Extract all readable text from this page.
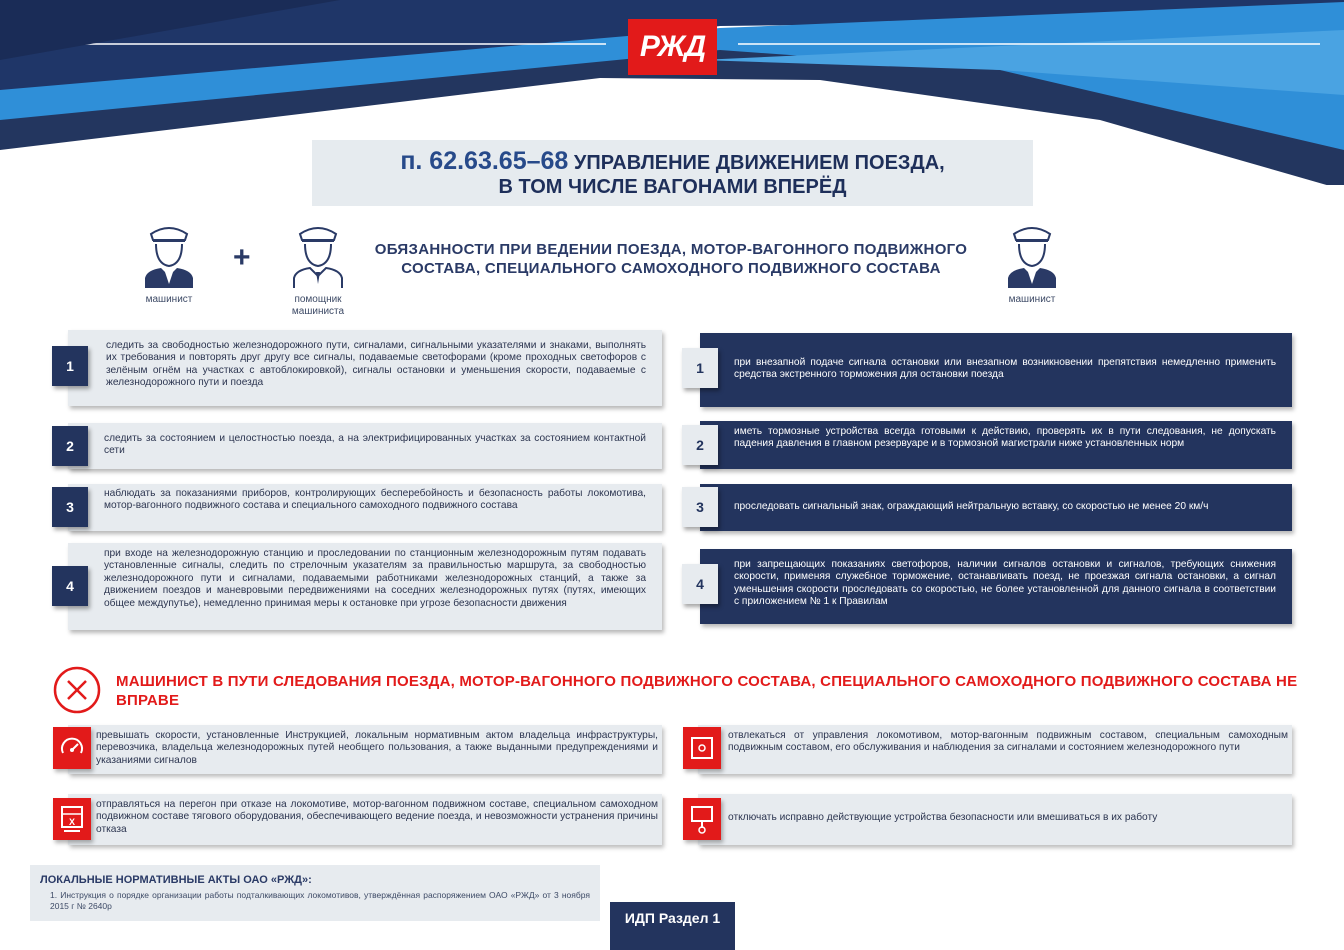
РЖД
п. 62.63.65–68 УПРАВЛЕНИЕ ДВИЖЕНИЕМ ПОЕЗДА,
В ТОМ ЧИСЛЕ ВАГОНАМИ ВПЕРЁД
машинист
+
помощник машиниста
ОБЯЗАННОСТИ ПРИ ВЕДЕНИИ ПОЕЗДА, МОТОР-ВАГОННОГО ПОДВИЖНОГО СОСТАВА, СПЕЦИАЛЬНОГО САМОХОДНОГО ПОДВИЖНОГО СОСТАВА
машинист
следить за свободностью железнодорожного пути, сигналами, сигнальными указателями и знаками, выполнять их требования и повторять друг другу все сигналы, подаваемые светофорами (кроме проходных светофоров с зелёным огнём на участках с автоблокировкой), сигналы остановки и уменьшения скорости, подаваемые с железнодорожного пути и поезда
1
следить за состоянием и целостностью поезда, а на электрифицированных участках за состоянием контактной сети
2
наблюдать за показаниями приборов, контролирующих бесперебойность и безопасность работы локомотива, мотор-вагонного подвижного состава и специального самоходного подвижного состава
3
при входе на железнодорожную станцию и проследовании по станционным железнодорожным путям подавать установленные сигналы, следить по стрелочным указателям за правильностью маршрута, за свободностью железнодорожного пути и сигналами, подаваемыми работниками железнодорожных станций, а также за движением поездов и маневровыми передвижениями на соседних железнодорожных путях (путях, имеющих общее междупутье), немедленно принимая меры к остановке при угрозе безопасности движения
4
при внезапной подаче сигнала остановки или внезапном возникновении препятствия немедленно применить средства экстренного торможения для остановки поезда
1
иметь тормозные устройства всегда готовыми к действию, проверять их в пути следования, не допускать падения давления в главном резервуаре и в тормозной магистрали ниже установленных норм
2
проследовать сигнальный знак, ограждающий нейтральную вставку, со скоростью не менее 20 км/ч
3
при запрещающих показаниях светофоров, наличии сигналов остановки и сигналов, требующих снижения скорости, применяя служебное торможение, останавливать поезд, не проезжая сигнала остановки, а сигнал уменьшения скорости проследовать со скоростью, не более установленной для данного сигнала в соответствии с приложением № 1 к Правилам
4
МАШИНИСТ В ПУТИ СЛЕДОВАНИЯ ПОЕЗДА, МОТОР-ВАГОННОГО ПОДВИЖНОГО СОСТАВА, СПЕЦИАЛЬНОГО САМОХОДНОГО ПОДВИЖНОГО СОСТАВА НЕ ВПРАВЕ
превышать скорости, установленные Инструкцией, локальным нормативным актом владельца инфраструктуры, перевозчика, владельца железнодорожных путей необщего пользования, а также выданными предупреждениями и указаниями сигналов
отвлекаться от управления локомотивом, мотор-вагонным подвижным составом, специальным самоходным подвижным составом, его обслуживания и наблюдения за сигналами и состоянием железнодорожного пути
отправляться на перегон при отказе на локомотиве, мотор-вагонном подвижном составе, специальном самоходном подвижном составе тягового оборудования, обеспечивающего ведение поезда, и невозможности устранения причины отказа
X	отключать исправно действующие устройства безопасности или вмешиваться в их работу
ЛОКАЛЬНЫЕ НОРМАТИВНЫЕ АКТЫ ОАО «РЖД»:
1. Инструкция о порядке организации работы подталкивающих локомотивов, утверждённая распоряжением ОАО «РЖД» от 3 ноября 2015 г № 2640р
ИДП Раздел 1
